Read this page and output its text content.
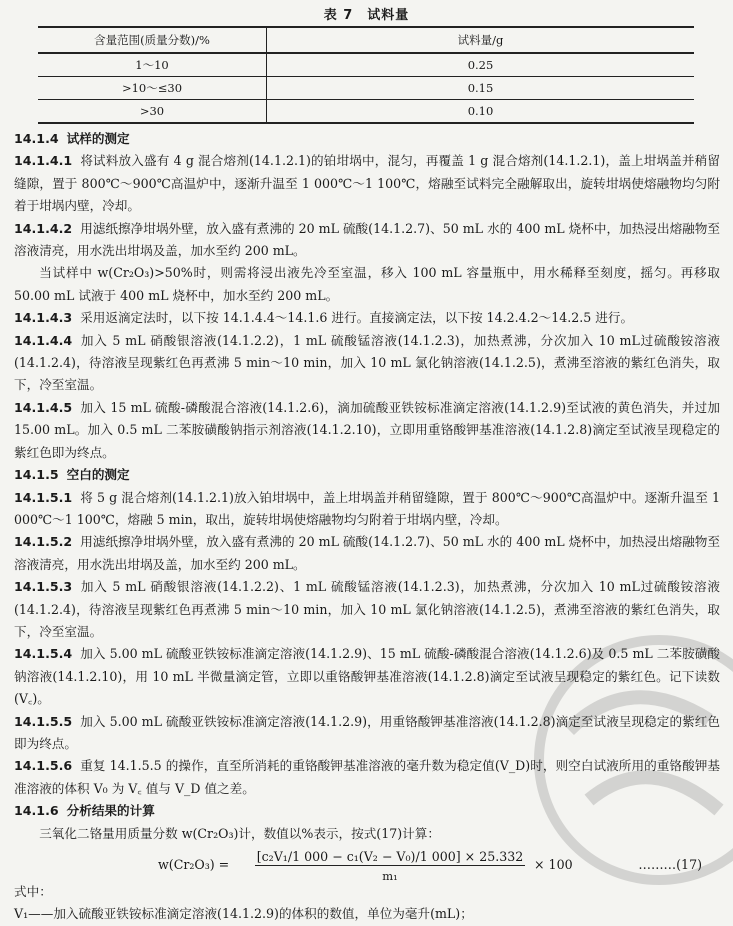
表 7　试料量
含量范围(质量分数)/%	试料量/g
1～10	0.25
>10～≤30	0.15
>30	0.10

14.1.4 试样的测定

14.1.4.1 将试料放入盛有 4 g 混合熔剂(14.1.2.1)的铂坩埚中，混匀，再覆盖 1 g 混合熔剂(14.1.2.1)，盖上坩埚盖并稍留缝隙，置于 800℃～900℃高温炉中，逐渐升温至 1 000℃～1 100℃，熔融至试料完全融解取出，旋转坩埚使熔融物均匀附着于坩埚内壁，冷却。

14.1.4.2 用滤纸擦净坩埚外壁，放入盛有煮沸的 20 mL 硫酸(14.1.2.7)、50 mL 水的 400 mL 烧杯中，加热浸出熔融物至溶液清亮，用水洗出坩埚及盖，加水至约 200 mL。

当试样中 w(Cr₂O₃)>50%时，则需将浸出液先冷至室温，移入 100 mL 容量瓶中，用水稀释至刻度，摇匀。再移取 50.00 mL 试液于 400 mL 烧杯中，加水至约 200 mL。

14.1.4.3 采用返滴定法时，以下按 14.1.4.4～14.1.6 进行。直接滴定法，以下按 14.2.4.2～14.2.5 进行。

14.1.4.4 加入 5 mL 硝酸银溶液(14.1.2.2)，1 mL 硫酸锰溶液(14.1.2.3)，加热煮沸，分次加入 10 mL过硫酸铵溶液(14.1.2.4)，待溶液呈现紫红色再煮沸 5 min～10 min，加入 10 mL 氯化钠溶液(14.1.2.5)，煮沸至溶液的紫红色消失，取下，冷至室温。

14.1.4.5 加入 15 mL 硫酸-磷酸混合溶液(14.1.2.6)，滴加硫酸亚铁铵标准滴定溶液(14.1.2.9)至试液的黄色消失，并过加 15.00 mL。加入 0.5 mL 二苯胺磺酸钠指示剂溶液(14.1.2.10)，立即用重铬酸钾基准溶液(14.1.2.8)滴定至试液呈现稳定的紫红色即为终点。

14.1.5 空白的测定

14.1.5.1 将 5 g 混合熔剂(14.1.2.1)放入铂坩埚中，盖上坩埚盖并稍留缝隙，置于 800℃～900℃高温炉中。逐渐升温至 1 000℃～1 100℃，熔融 5 min，取出，旋转坩埚使熔融物均匀附着于坩埚内壁，冷却。

14.1.5.2 用滤纸擦净坩埚外壁，放入盛有煮沸的 20 mL 硫酸(14.1.2.7)、50 mL 水的 400 mL 烧杯中，加热浸出熔融物至溶液清亮，用水洗出坩埚及盖，加水至约 200 mL。

14.1.5.3 加入 5 mL 硝酸银溶液(14.1.2.2)、1 mL 硫酸锰溶液(14.1.2.3)，加热煮沸，分次加入 10 mL过硫酸铵溶液(14.1.2.4)，待溶液呈现紫红色再煮沸 5 min～10 min，加入 10 mL 氯化钠溶液(14.1.2.5)，煮沸至溶液的紫红色消失，取下，冷至室温。

14.1.5.4 加入 5.00 mL 硫酸亚铁铵标准滴定溶液(14.1.2.9)、15 mL 硫酸-磷酸混合溶液(14.1.2.6)及 0.5 mL 二苯胺磺酸钠溶液(14.1.2.10)，用 10 mL 半微量滴定管，立即以重铬酸钾基准溶液(14.1.2.8)滴定至试液呈现稳定的紫红色。记下读数(V꜀)。

14.1.5.5 加入 5.00 mL 硫酸亚铁铵标准滴定溶液(14.1.2.9)，用重铬酸钾基准溶液(14.1.2.8)滴定至试液呈现稳定的紫红色即为终点。

14.1.5.6 重复 14.1.5.5 的操作，直至所消耗的重铬酸钾基准溶液的毫升数为稳定值(V_D)时，则空白试液所用的重铬酸钾基准溶液的体积 V₀ 为 V꜀ 值与 V_D 值之差。

14.1.6 分析结果的计算

三氧化二铬量用质量分数 w(Cr₂O₃)计，数值以%表示，按式(17)计算：

w(Cr₂O₃) =
[c₂V₁/1 000 − c₁(V₂ − V₀)/1 000] × 25.332
m₁
× 100	………(17)

式中：

V₁——加入硫酸亚铁铵标准滴定溶液(14.1.2.9)的体积的数值，单位为毫升(mL)；
